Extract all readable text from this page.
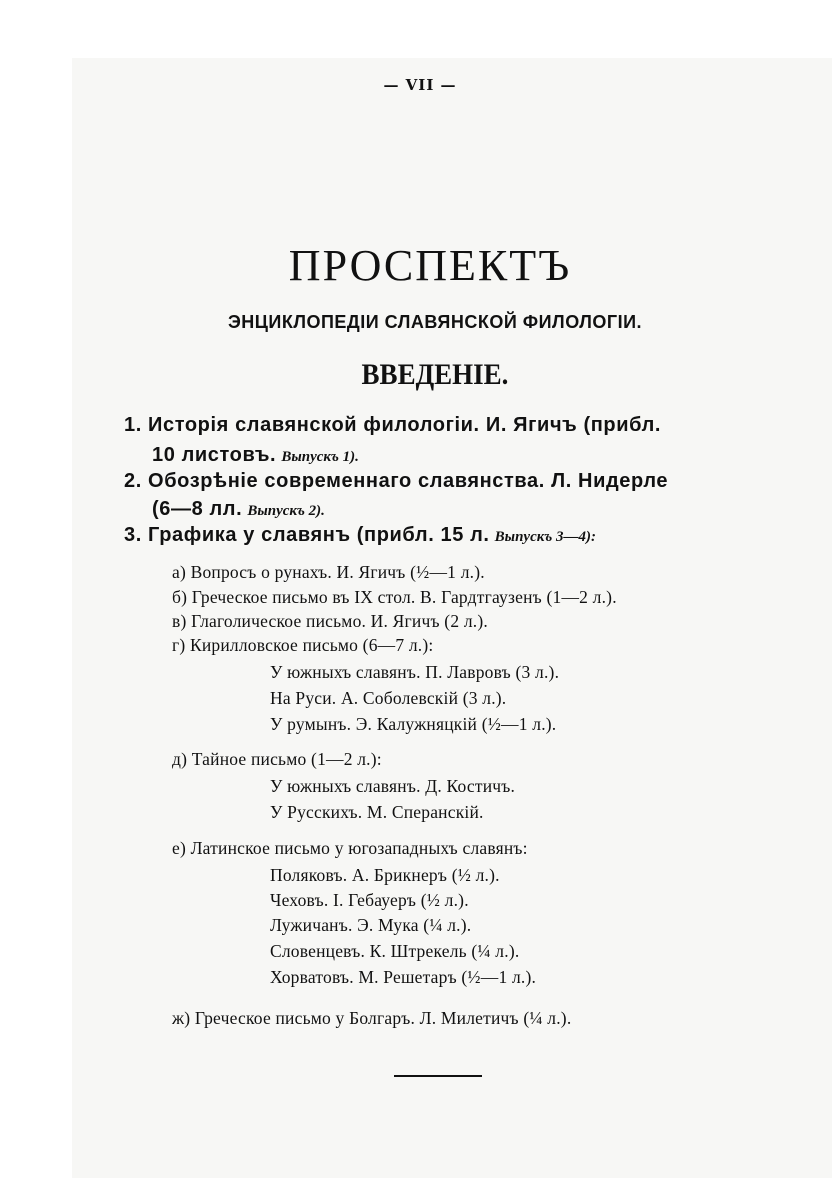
— VII —
ПРОСПЕКТЪ
ЭНЦИКЛОПЕДІИ СЛАВЯНСКОЙ ФИЛОЛОГІИ.
ВВЕДЕНІЕ.
1. Исторія славянской филологіи. И. Ягичъ (прибл.
10 листовъ. Выпускъ 1).
2. Обозрѣніе современнаго славянства. Л. Нидерле
(6—8 лл. Выпускъ 2).
3. Графика у славянъ (прибл. 15 л. Выпускъ 3—4):
а) Вопросъ о рунахъ. И. Ягичъ (½—1 л.).
б) Греческое письмо въ IX стол. В. Гардтгаузенъ (1—2 л.).
в) Глаголическое письмо. И. Ягичъ (2 л.).
г) Кирилловское письмо (6—7 л.):
У южныхъ славянъ. П. Лавровъ (3 л.).
На Руси. А. Соболевскій (3 л.).
У румынъ. Э. Калужняцкій (½—1 л.).
д) Тайное письмо (1—2 л.):
У южныхъ славянъ. Д. Костичъ.
У Русскихъ. М. Сперанскій.
е) Латинское письмо у югозападныхъ славянъ:
Поляковъ. А. Брикнеръ (½ л.).
Чеховъ. І. Гебауеръ (½ л.).
Лужичанъ. Э. Мука (¼ л.).
Словенцевъ. К. Штрекель (¼ л.).
Хорватовъ. М. Решетаръ (½—1 л.).
ж) Греческое письмо у Болгаръ. Л. Милетичъ (¼ л.).
